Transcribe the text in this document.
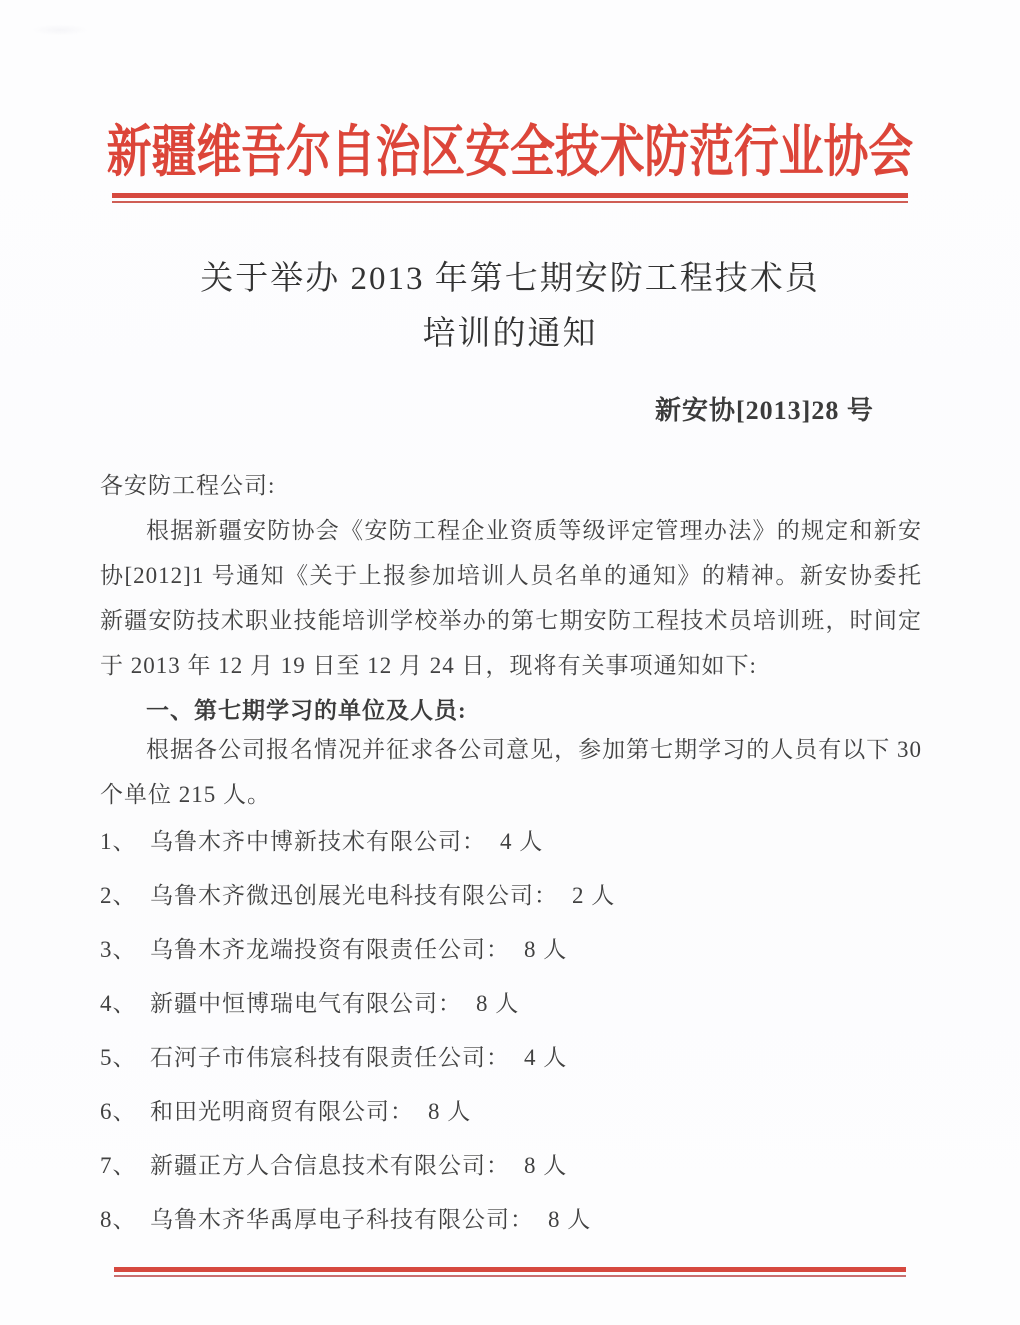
新疆维吾尔自治区安全技术防范行业协会
关于举办 2013 年第七期安防工程技术员
培训的通知
新安协[2013]28 号
各安防工程公司:

根据新疆安防协会《安防工程企业资质等级评定管理办法》的规定和新安协[2012]1 号通知《关于上报参加培训人员名单的通知》的精神。新安协委托新疆安防技术职业技能培训学校举办的第七期安防工程技术员培训班，时间定于 2013 年 12 月 19 日至 12 月 24 日，现将有关事项通知如下:

一、第七期学习的单位及人员:

根据各公司报名情况并征求各公司意见，参加第七期学习的人员有以下 30 个单位 215 人。

1、 乌鲁木齐中博新技术有限公司： 4 人
2、 乌鲁木齐微迅创展光电科技有限公司： 2 人
3、 乌鲁木齐龙端投资有限责任公司： 8 人
4、 新疆中恒博瑞电气有限公司： 8 人
5、 石河子市伟宸科技有限责任公司： 4 人
6、 和田光明商贸有限公司： 8 人
7、 新疆正方人合信息技术有限公司： 8 人
8、 乌鲁木齐华禹厚电子科技有限公司： 8 人
